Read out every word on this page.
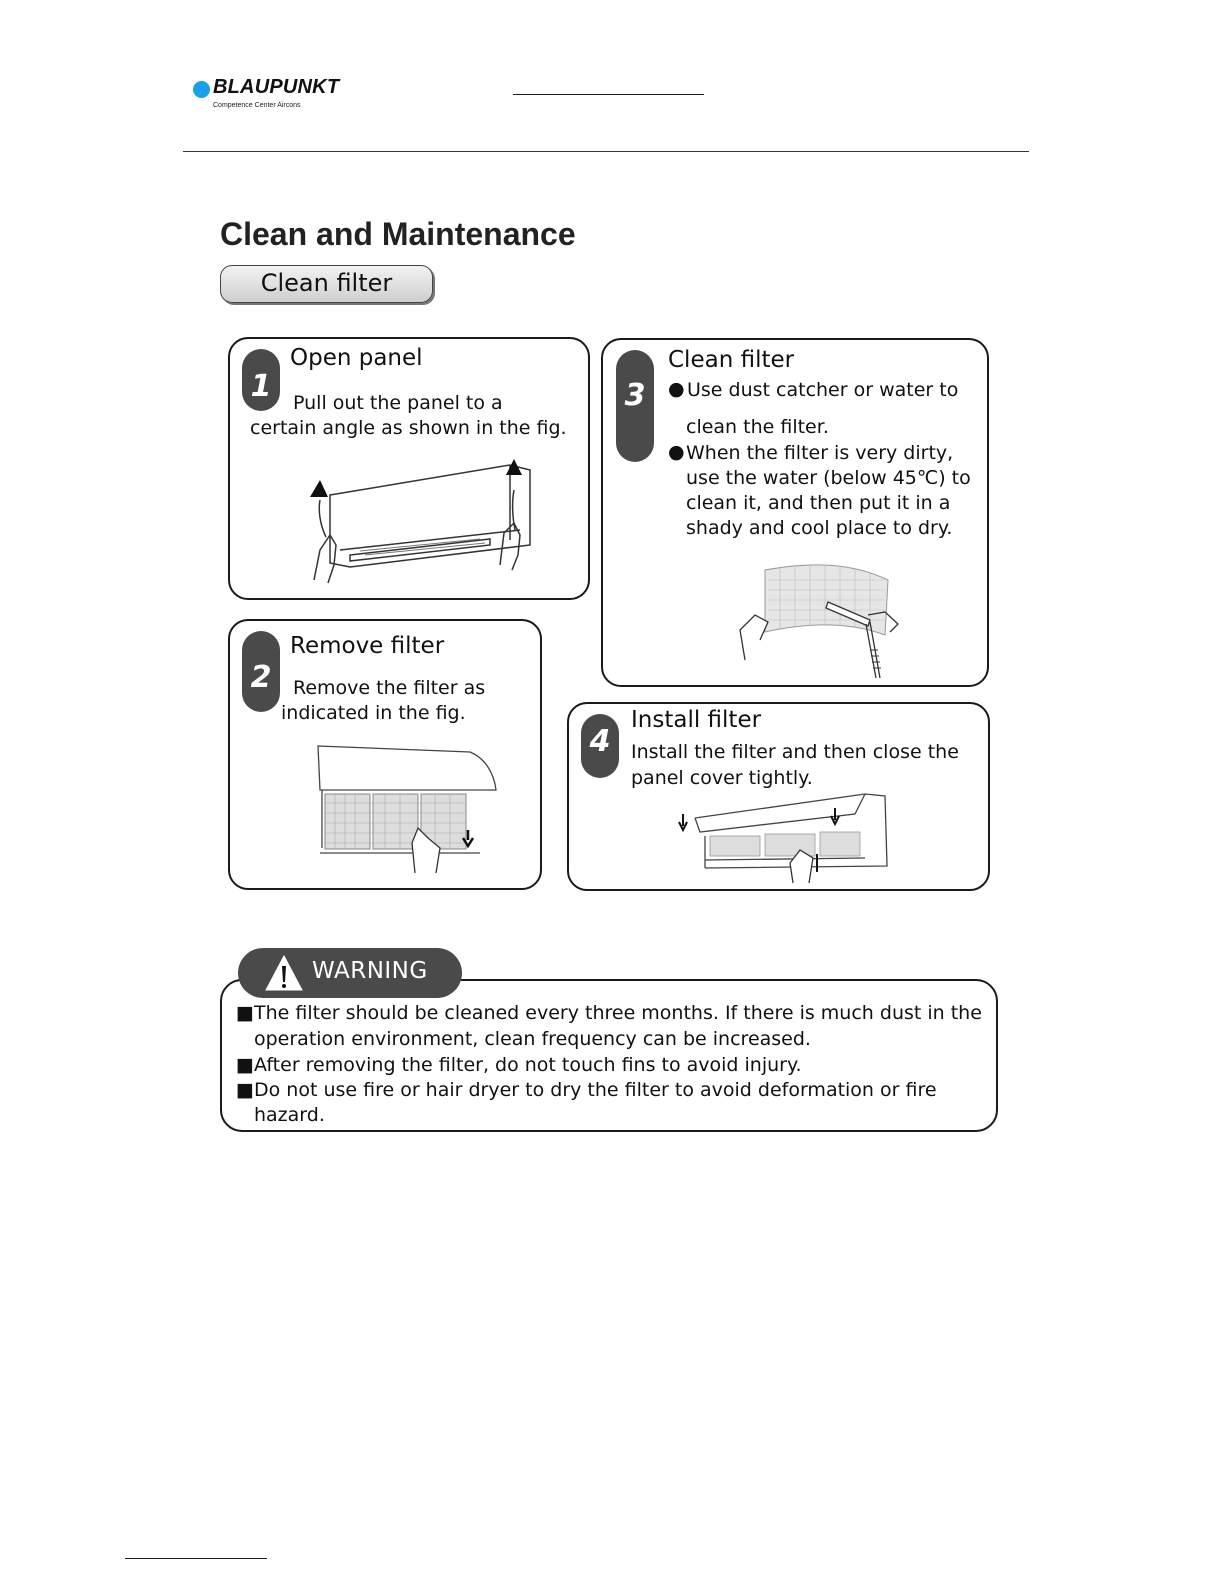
BLAUPUNKT
Competence Center Aircons
Clean and Maintenance
Clean filter
1
Open panel
Pull out the panel to a
certain angle as shown in the fig.
2
Remove filter
Remove the filter as
indicated in the fig.
3
Clean filter
● Use dust catcher or water to
clean the filter.
● When the filter is very dirty,
use the water (below 45℃) to
clean it, and then put it in a
shady and cool place to dry.
4
Install filter
Install the filter and then close the
panel cover tightly.
WARNING
■ The filter should be cleaned every three months. If there is much dust in the
operation environment, clean frequency can be increased.
■ After removing the filter, do not touch fins to avoid injury.
■ Do not use fire or hair dryer to dry the filter to avoid deformation or fire
hazard.
